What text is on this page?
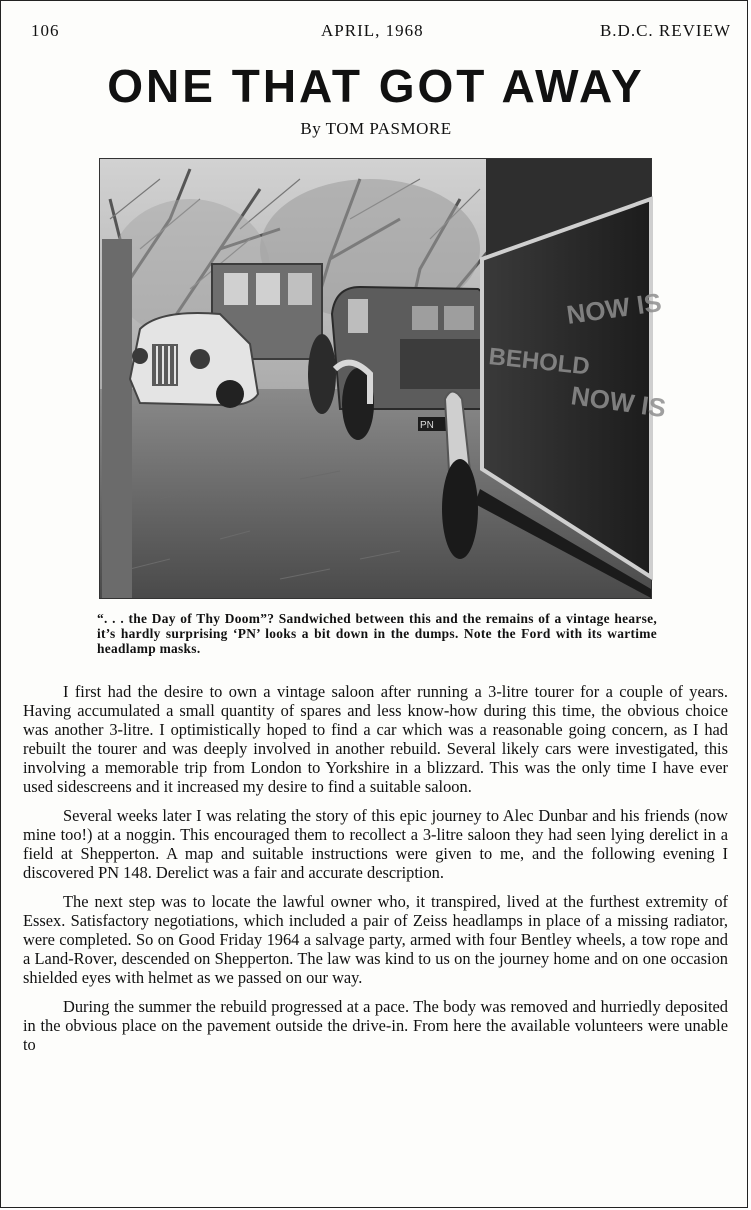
106	APRIL, 1968	B.D.C. REVIEW
ONE THAT GOT AWAY
By TOM PASMORE
PN
NOW IS
BEHOLD
NOW IS
“. . . the Day of Thy Doom”? Sandwiched between this and the remains of a vintage hearse, it’s hardly surprising ‘PN’ looks a bit down in the dumps. Note the Ford with its wartime headlamp masks.

I first had the desire to own a vintage saloon after running a 3-litre tourer for a couple of years. Having accumulated a small quantity of spares and less know-how during this time, the obvious choice was another 3-litre. I optimistically hoped to find a car which was a reasonable going concern, as I had rebuilt the tourer and was deeply involved in another rebuild. Several likely cars were investigated, this involving a memorable trip from London to Yorkshire in a blizzard. This was the only time I have ever used sidescreens and it increased my desire to find a suitable saloon.

Several weeks later I was relating the story of this epic journey to Alec Dunbar and his friends (now mine too!) at a noggin. This encouraged them to recollect a 3-litre saloon they had seen lying derelict in a field at Shepperton. A map and suitable instructions were given to me, and the following evening I discovered PN 148. Derelict was a fair and accurate description.

The next step was to locate the lawful owner who, it transpired, lived at the furthest extremity of Essex. Satisfactory negotiations, which included a pair of Zeiss headlamps in place of a missing radiator, were completed. So on Good Friday 1964 a salvage party, armed with four Bentley wheels, a tow rope and a Land-Rover, descended on Shepperton. The law was kind to us on the journey home and on one occasion shielded eyes with helmet as we passed on our way.

During the summer the rebuild progressed at a pace. The body was removed and hurriedly deposited in the obvious place on the pavement outside the drive-in. From here the available volunteers were unable to
